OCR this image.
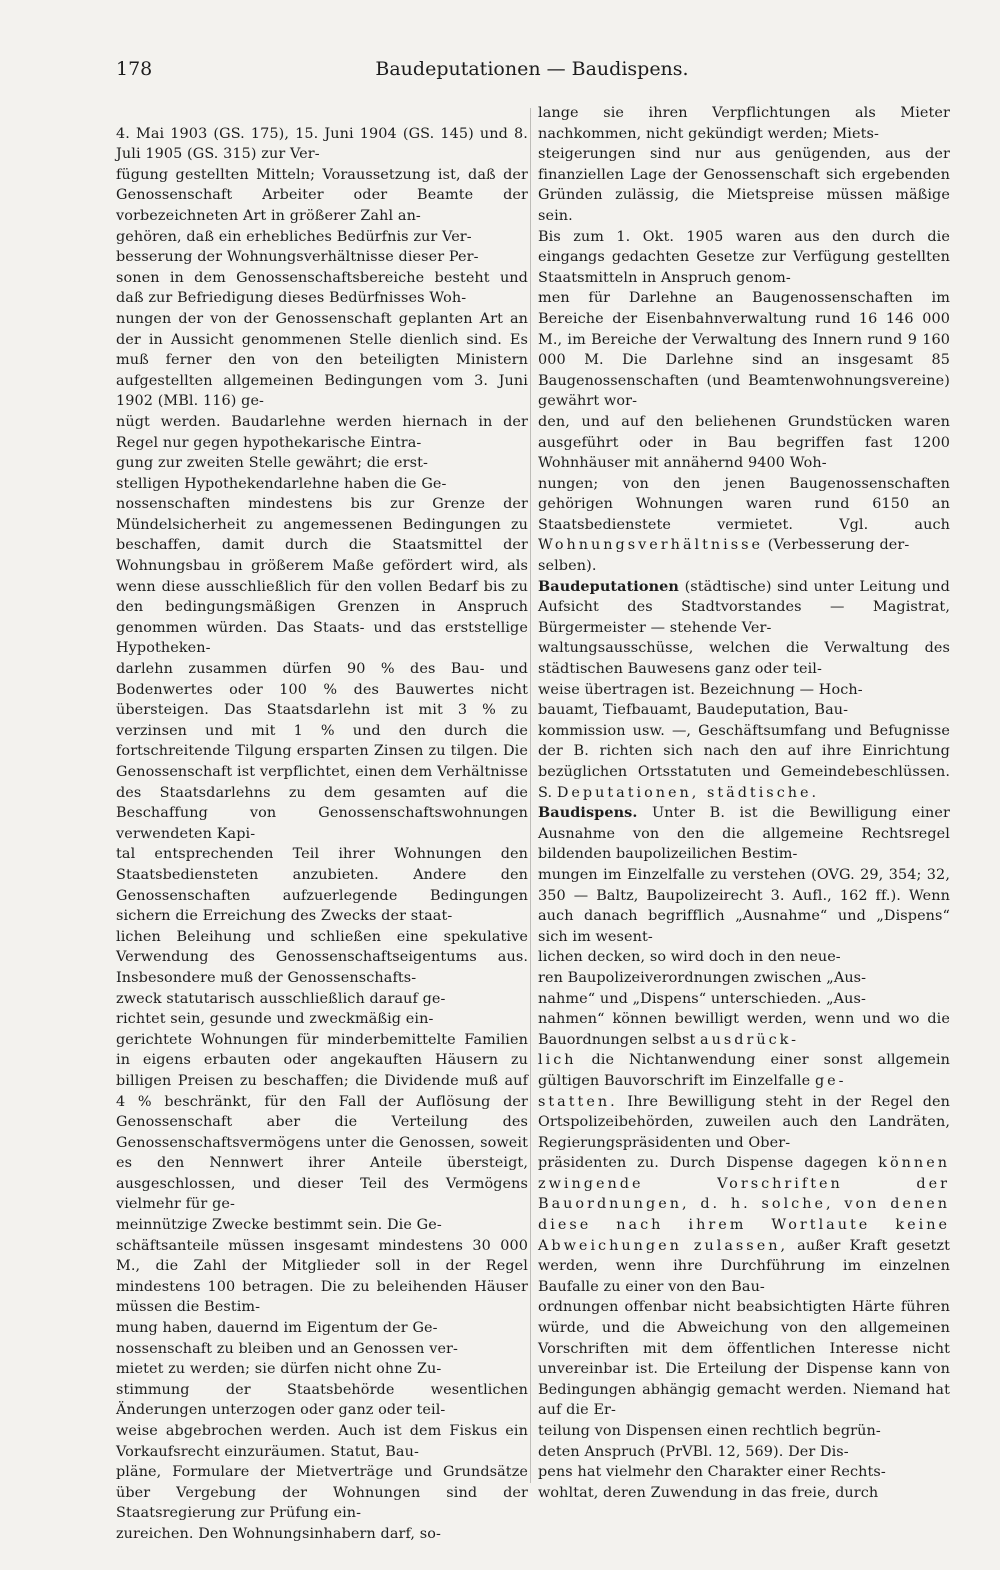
178	Baudeputationen — Baudispens.

4. Mai 1903 (GS. 175), 15. Juni 1904 (GS. 145) und 8. Juli 1905 (GS. 315) zur Ver-
fügung gestellten Mitteln; Voraussetzung ist, daß der Genossenschaft Arbeiter oder Beamte der vorbezeichneten Art in größerer Zahl an-
gehören, daß ein erhebliches Bedürfnis zur Ver-
besserung der Wohnungsverhältnisse dieser Per-
sonen in dem Genossenschaftsbereiche besteht und daß zur Befriedigung dieses Bedürfnisses Woh-
nungen der von der Genossenschaft geplanten Art an der in Aussicht genommenen Stelle dienlich sind. Es muß ferner den von den beteiligten Ministern aufgestellten allgemeinen Bedingungen vom 3. Juni 1902 (MBl. 116) ge-
nügt werden. Baudarlehne werden hiernach in der Regel nur gegen hypothekarische Eintra-
gung zur zweiten Stelle gewährt; die erst-
stelligen Hypothekendarlehne haben die Ge-
nossenschaften mindestens bis zur Grenze der Mündelsicherheit zu angemessenen Bedingungen zu beschaffen, damit durch die Staatsmittel der Wohnungsbau in größerem Maße gefördert wird, als wenn diese ausschließlich für den vollen Bedarf bis zu den bedingungsmäßigen Grenzen in Anspruch genommen würden. Das Staats- und das erststellige Hypotheken-
darlehn zusammen dürfen 90 % des Bau- und Bodenwertes oder 100 % des Bauwertes nicht übersteigen. Das Staatsdarlehn ist mit 3 % zu verzinsen und mit 1 % und den durch die fortschreitende Tilgung ersparten Zinsen zu tilgen. Die Genossenschaft ist verpflichtet, einen dem Verhältnisse des Staatsdarlehns zu dem gesamten auf die Beschaffung von Genossenschaftswohnungen verwendeten Kapi-
tal entsprechenden Teil ihrer Wohnungen den Staatsbediensteten anzubieten. Andere den Genossenschaften aufzuerlegende Bedingungen sichern die Erreichung des Zwecks der staat-
lichen Beleihung und schließen eine spekulative Verwendung des Genossenschaftseigentums aus. Insbesondere muß der Genossenschafts-
zweck statutarisch ausschließlich darauf ge-
richtet sein, gesunde und zweckmäßig ein-
gerichtete Wohnungen für minderbemittelte Familien in eigens erbauten oder angekauften Häusern zu billigen Preisen zu beschaffen; die Dividende muß auf 4 % beschränkt, für den Fall der Auflösung der Genossenschaft aber die Verteilung des Genossenschaftsvermögens unter die Genossen, soweit es den Nennwert ihrer Anteile übersteigt, ausgeschlossen, und dieser Teil des Vermögens vielmehr für ge-
meinnützige Zwecke bestimmt sein. Die Ge-
schäftsanteile müssen insgesamt mindestens 30 000 M., die Zahl der Mitglieder soll in der Regel mindestens 100 betragen. Die zu beleihenden Häuser müssen die Bestim-
mung haben, dauernd im Eigentum der Ge-
nossenschaft zu bleiben und an Genossen ver-
mietet zu werden; sie dürfen nicht ohne Zu-
stimmung der Staatsbehörde wesentlichen Änderungen unterzogen oder ganz oder teil-
weise abgebrochen werden. Auch ist dem Fiskus ein Vorkaufsrecht einzuräumen. Statut, Bau-
pläne, Formulare der Mietverträge und Grundsätze über Vergebung der Wohnungen sind der Staatsregierung zur Prüfung ein-
zureichen. Den Wohnungsinhabern darf, so-

lange sie ihren Verpflichtungen als Mieter nachkommen, nicht gekündigt werden; Miets-
steigerungen sind nur aus genügenden, aus der finanziellen Lage der Genossenschaft sich ergebenden Gründen zulässig, die Mietspreise müssen mäßige sein.

Bis zum 1. Okt. 1905 waren aus den durch die eingangs gedachten Gesetze zur Verfügung gestellten Staatsmitteln in Anspruch genom-
men für Darlehne an Baugenossenschaften im Bereiche der Eisenbahnverwaltung rund 16 146 000 M., im Bereiche der Verwaltung des Innern rund 9 160 000 M. Die Darlehne sind an insgesamt 85 Baugenossenschaften (und Beamtenwohnungsvereine) gewährt wor-
den, und auf den beliehenen Grundstücken waren ausgeführt oder in Bau begriffen fast 1200 Wohnhäuser mit annähernd 9400 Woh-
nungen; von den jenen Baugenossenschaften gehörigen Wohnungen waren rund 6150 an Staatsbedienstete vermietet. Vgl. auch Wohnungsverhältnisse (Verbesserung der-
selben).

Baudeputationen (städtische) sind unter Leitung und Aufsicht des Stadtvorstandes — Magistrat, Bürgermeister — stehende Ver-
waltungsausschüsse, welchen die Verwaltung des städtischen Bauwesens ganz oder teil-
weise übertragen ist. Bezeichnung — Hoch-
bauamt, Tiefbauamt, Baudeputation, Bau-
kommission usw. —, Geschäftsumfang und Befugnisse der B. richten sich nach den auf ihre Einrichtung bezüglichen Ortsstatuten und Gemeindebeschlüssen. S. Deputationen, städtische.

Baudispens. Unter B. ist die Bewilligung einer Ausnahme von den die allgemeine Rechtsregel bildenden baupolizeilichen Bestim-
mungen im Einzelfalle zu verstehen (OVG. 29, 354; 32, 350 — Baltz, Baupolizeirecht 3. Aufl., 162 ff.). Wenn auch danach begrifflich „Ausnahme“ und „Dispens“ sich im wesent-
lichen decken, so wird doch in den neue-
ren Baupolizeiverordnungen zwischen „Aus-
nahme“ und „Dispens“ unterschieden. „Aus-
nahmen“ können bewilligt werden, wenn und wo die Bauordnungen selbst ausdrück-
lich die Nichtanwendung einer sonst allgemein gültigen Bauvorschrift im Einzelfalle ge-
statten. Ihre Bewilligung steht in der Regel den Ortspolizeibehörden, zuweilen auch den Landräten, Regierungspräsidenten und Ober-
präsidenten zu. Durch Dispense dagegen können zwingende Vorschriften der Bauordnungen, d. h. solche, von denen diese nach ihrem Wortlaute keine Abweichungen zulassen, außer Kraft gesetzt werden, wenn ihre Durchführung im einzelnen Baufalle zu einer von den Bau-
ordnungen offenbar nicht beabsichtigten Härte führen würde, und die Abweichung von den allgemeinen Vorschriften mit dem öffentlichen Interesse nicht unvereinbar ist. Die Erteilung der Dispense kann von Bedingungen abhängig gemacht werden. Niemand hat auf die Er-
teilung von Dispensen einen rechtlich begrün-
deten Anspruch (PrVBl. 12, 569). Der Dis-
pens hat vielmehr den Charakter einer Rechts-
wohltat, deren Zuwendung in das freie, durch
